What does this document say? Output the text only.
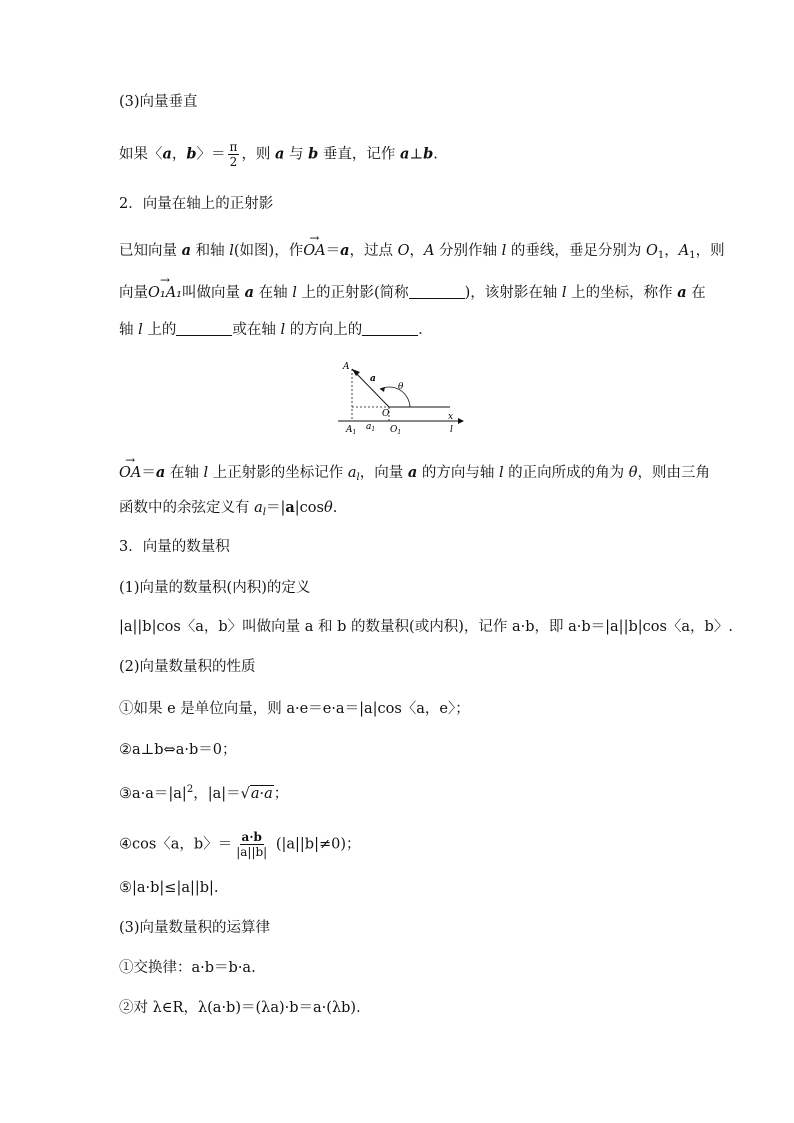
(3)向量垂直
如果〈a，b〉＝ $\frac{\pi}{2}$ ，则 a 与 b 垂直，记作 a⊥b.
2．向量在轴上的正射影
已知向量 a 和轴 l(如图)，作→ OA＝a，过点 O，A 分别作轴 l 的垂线，垂足分别为 $O_1$，$A_1$，则
向量→ O₁A₁叫做向量 a 在轴 l 上的正射影(简称	)，该射影在轴 l 上的坐标，称作 a 在
轴 l 上的	或在轴 l 的方向上的	．
A
a
θ
O	x
$A_1$
$a_1$ $O_1$	l
→ OA＝a 在轴 l 上正射影的坐标记作 $a_l$，向量 a 的方向与轴 l 的正向所成的角为 θ，则由三角
函数中的余弦定义有 $a_l=|a|\cos\theta$.
3．向量的数量积
(1)向量的数量积(内积)的定义
|a||b|cos〈a，b〉叫做向量 a 和 b 的数量积(或内积)，记作 a·b，即 a·b＝|a||b|cos〈a，b〉.
(2)向量数量积的性质
①如果 e 是单位向量，则 a·e＝e·a＝|a|cos〈a，e〉；
②a⊥b⇔a·b＝0；
$③a\cdot a=|a|^2$，|a|＝√a·a；
④cos〈a，b〉＝ $\frac{a\cdot b}{|a||b|} (|a||b|\ne 0)$；
⑤|a·b|≤|a||b|.
(3)向量数量积的运算律
①交换律：a·b＝b·a.
②对 λ∈R，λ(a·b)＝(λa)·b＝a·(λb)．
